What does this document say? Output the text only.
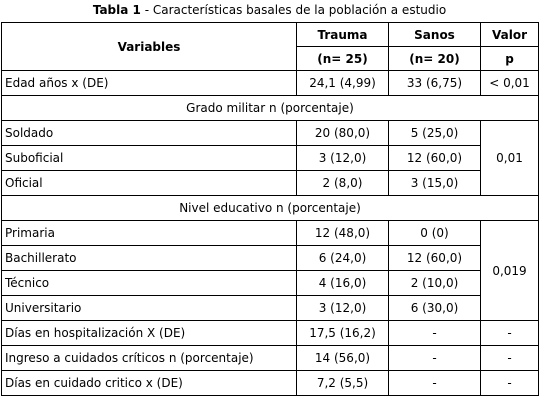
Tabla 1 - Características basales de la población a estudio
Variables	Trauma	Sanos	Valor
	(n= 25)	(n= 20)	p
Edad años x (DE)	24,1 (4,99)	33 (6,75)	< 0,01
Grado militar n (porcentaje)			
Soldado	20 (80,0)	5 (25,0)	0,01
Suboficial	3 (12,0)	12 (60,0)	
Oficial	2 (8,0)	3 (15,0)	
Nivel educativo n (porcentaje)			
Primaria	12 (48,0)	0 (0)	0,019
Bachillerato	6 (24,0)	12 (60,0)	
Técnico	4 (16,0)	2 (10,0)	
Universitario	3 (12,0)	6 (30,0)	
Días en hospitalización X (DE)	17,5 (16,2)	-	-
Ingreso a cuidados críticos n (porcentaje)	14 (56,0)	-	-
Días en cuidado critico x (DE)	7,2 (5,5)	-	-
